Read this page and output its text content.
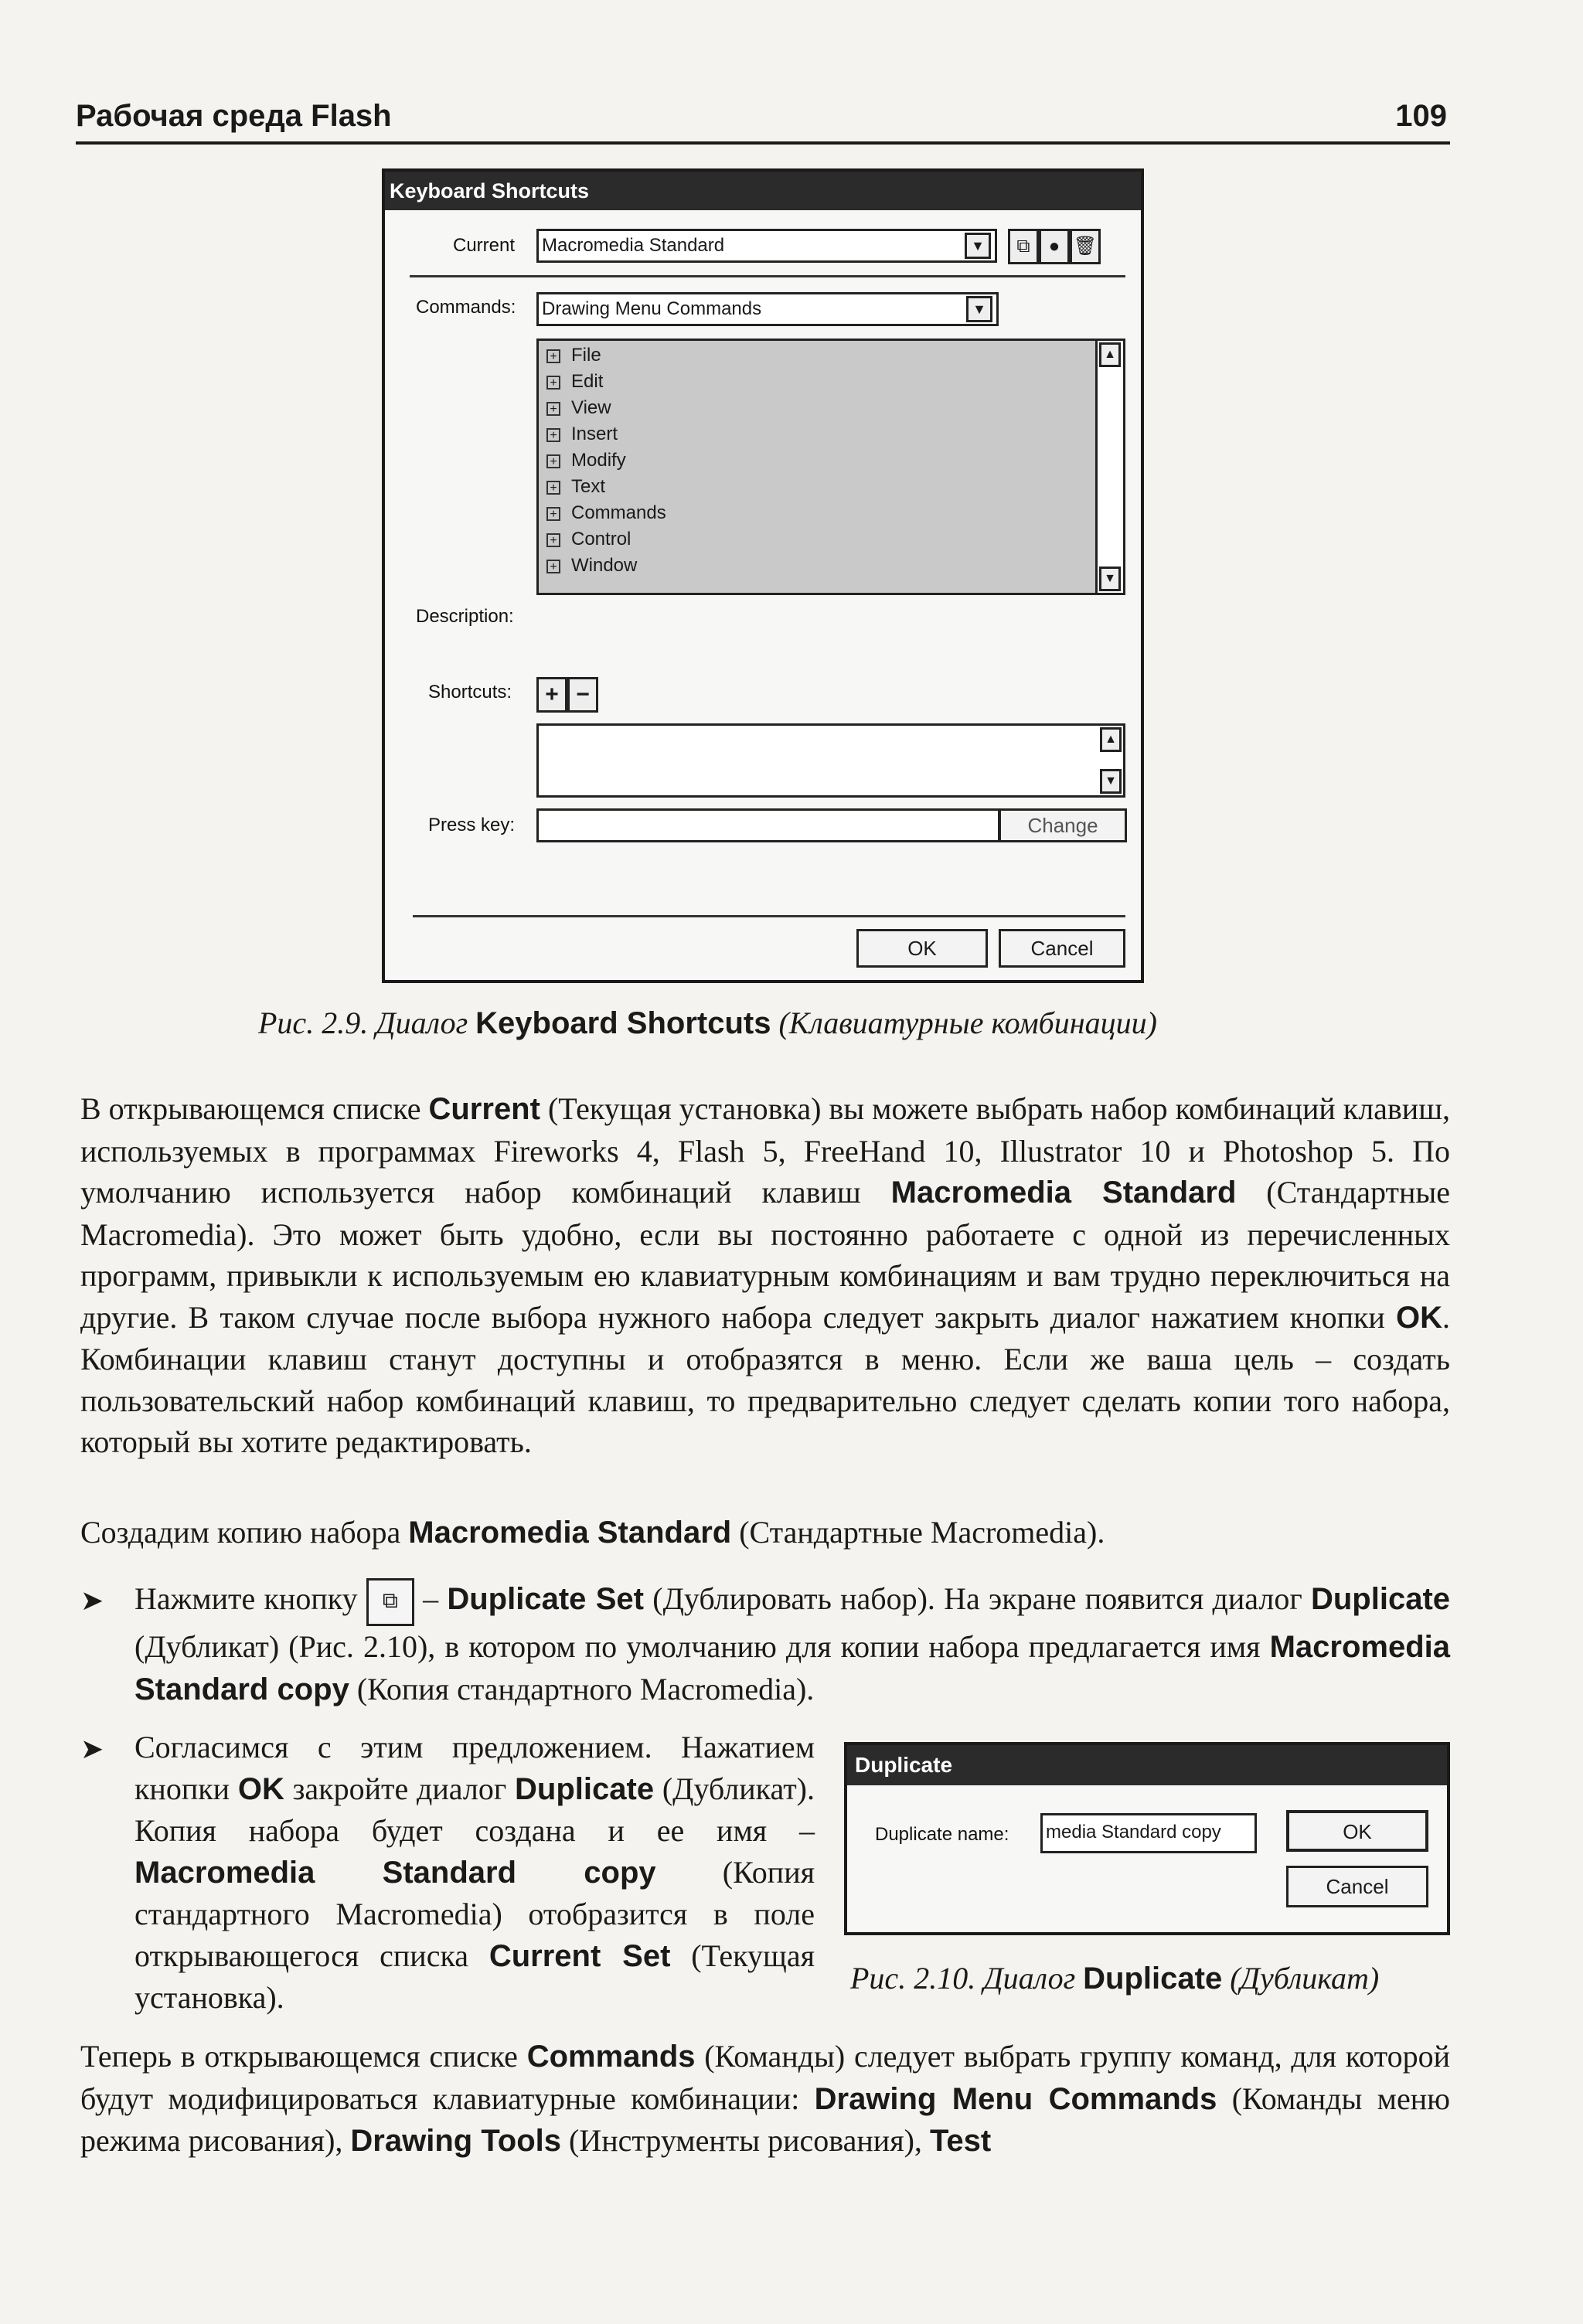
Рабочая среда Flash	109
Keyboard Shortcuts
Current Macromedia Standard	▼	⧉	● 🗑
Commands: Drawing Menu Commands	▼
+ File
+ Edit
+ View
+ Insert
+ Modify
+ Text
+ Commands
+ Control
+ Window
▲
▼
Description:
Shortcuts:	+ −
▲
▼
Press key:	Change
OK	Cancel
Рис. 2.9. Диалог Keyboard Shortcuts (Клавиатурные комбинации)
В открывающемся списке Current (Текущая установка) вы можете выбрать набор комбинаций клавиш, используемых в программах Fireworks 4, Flash 5, FreeHand 10, Illustrator 10 и Photoshop 5. По умолчанию используется набор комбинаций клавиш Macromedia Standard (Стандартные Macromedia). Это может быть удобно, если вы постоянно работаете с одной из перечисленных программ, привыкли к используемым ею клавиатурным комбинациям и вам трудно переключиться на другие. В таком случае после выбора нужного набора следует закрыть диалог нажатием кнопки OK. Комбинации клавиш станут доступны и отобразятся в меню. Если же ваша цель – создать пользовательский набор комбинаций клавиш, то предварительно следует сделать копии того набора, который вы хотите редактировать.
Создадим копию набора Macromedia Standard (Стандартные Macromedia).
➤ Нажмите кнопку ⧉ – Duplicate Set (Дублировать набор). На экране появится диалог Duplicate (Дубликат) (Рис. 2.10), в котором по умолчанию для копии набора предлагается имя Macromedia Standard copy (Копия стандартного Macromedia).
➤ Согласимся с этим предложением. Нажатием кнопки OK закройте диалог Duplicate (Дубликат). Копия набора будет создана и ее имя – Macromedia Standard copy (Копия стандартного Macromedia) отобразится в поле открывающегося списка Current Set (Текущая установка).
Duplicate
Duplicate name: media Standard copy	OK
Cancel
Рис. 2.10. Диалог Duplicate (Дубликат)
Теперь в открывающемся списке Commands (Команды) следует выбрать группу команд, для которой будут модифицироваться клавиатурные комбинации: Drawing Menu Commands (Команды меню режима рисования), Drawing Tools (Инструменты рисования), Test
